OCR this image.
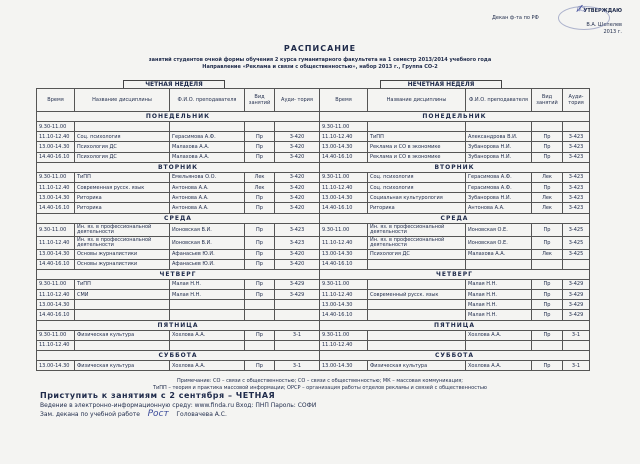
✍
УТВЕРЖДАЮ
Декан ф-та по РФ
В.А. Шепелев
2013 г.
РАСПИСАНИЕ
занятий студентов очной формы обучения 2 курса гуманитарного факультета на 1 семестр 2013/2014 учебного года
Направление «Реклама и связи с общественностью», набор 2013 г., Группа СО-2
ЧЕТНАЯ НЕДЕЛЯ	НЕЧЕТНАЯ НЕДЕЛЯ
Время	Название дисциплины	Ф.И.О. преподавателя	Вид занятий	Ауди- тория
ПОНЕДЕЛЬНИК				
9.30-11.00				
11.10-12.40	Соц. психология	Герасимова А.Ф.	Пр	3-420
13.00-14.30	Психология ДС	Малахова А.А.	Пр	3-420
14.40-16.10	Психология ДС	Малахова А.А.	Пр	3-420
ВТОРНИК				
9.30-11.00	ТиПП	Емельянова О.О.	Лек	3-420
11.10-12.40	Современная русск. язык	Антонова А.А.	Лек	3-420
13.00-14.30	Риторика	Антонова А.А.	Пр	3-420
14.40-16.10	Риторика	Антонова А.А.	Пр	3-420
СРЕДА				
9.30-11.00	Ин. яз. в профессиональной деятельности	Ионовская В.И.	Пр	3-423
11.10-12.40	Ин. яз. в профессиональной деятельности	Ионовская В.И.	Пр	3-423
13.00-14.30	Основы журналистики	Афанасьев Ю.И.	Пр	3-420
14.40-16.10	Основы журналистики	Афанасьев Ю.И.	Пр	3-420
ЧЕТВЕРГ				
9.30-11.00	ТиПП	Малая Н.Н.	Пр	3-429
11.10-12.40	СМИ	Малая Н.Н.	Пр	3-429
13.00-14.30				
14.40-16.10				
ПЯТНИЦА				
9.30-11.00	Физическая культура	Хохлова А.А.	Пр	3-1
11.10-12.40				
СУББОТА				
13.00-14.30	Физическая культура	Хохлова А.А.	Пр	3-1
Время	Название дисциплины	Ф.И.О. преподавателя	Вид занятий	Ауди- тория
ПОНЕДЕЛЬНИК				
9.30-11.00				
11.10-12.40	ТиПП	Александрова В.И.	Пр	3-423
13.00-14.30	Реклама и СО в экономике	Зубанорова Н.И.	Пр	3-423
14.40-16.10	Реклама и СО в экономике	Зубанорова Н.И.	Пр	3-423
ВТОРНИК				
9.30-11.00	Соц. психология	Герасимова А.Ф.	Лек	3-423
11.10-12.40	Соц. психология	Герасимова А.Ф.	Пр	3-423
13.00-14.30	Социальная культурология	Зубанорова Н.И.	Лек	3-423
14.40-16.10	Риторика	Антонова А.А.	Лек	3-423
СРЕДА				
9.30-11.00	Ин. яз. в профессиональной деятельности	Ионовская О.Е.	Пр	3-425
11.10-12.40	Ин. яз. в профессиональной деятельности	Ионовская О.Е.	Пр	3-425
13.00-14.30	Психология ДС	Малахова А.А.	Лек	3-425
14.40-16.10				
ЧЕТВЕРГ				
9.30-11.00		Малая Н.Н.	Пр	3-429
11.10-12.40	Современный русск. язык	Малая Н.Н.	Пр	3-429
13.00-14.30		Малая Н.Н.	Пр	3-429
14.40-16.10		Малая Н.Н.	Пр	3-429
ПЯТНИЦА				
9.30-11.00		Хохлова А.А.	Пр	3-1
11.10-12.40				
СУББОТА				
13.00-14.30	Физическая культура	Хохлова А.А.	Пр	3-1
Примечание: СО – связи с общественностью; СО – связи с общественностью; МК – массовая коммуникация;
ТиПП – теория и практика массовой информации; ОРСР – организация работы отделов рекламы и связей с общественностью
Приступить к занятиям с 2 сентября – ЧЕТНАЯ
Ведение в электронно-информационную среду: www.finda.ru Вход: ПНП Пароль: СОФИ
Зам. декана по учебной работе   Рост   Головачева А.С.
